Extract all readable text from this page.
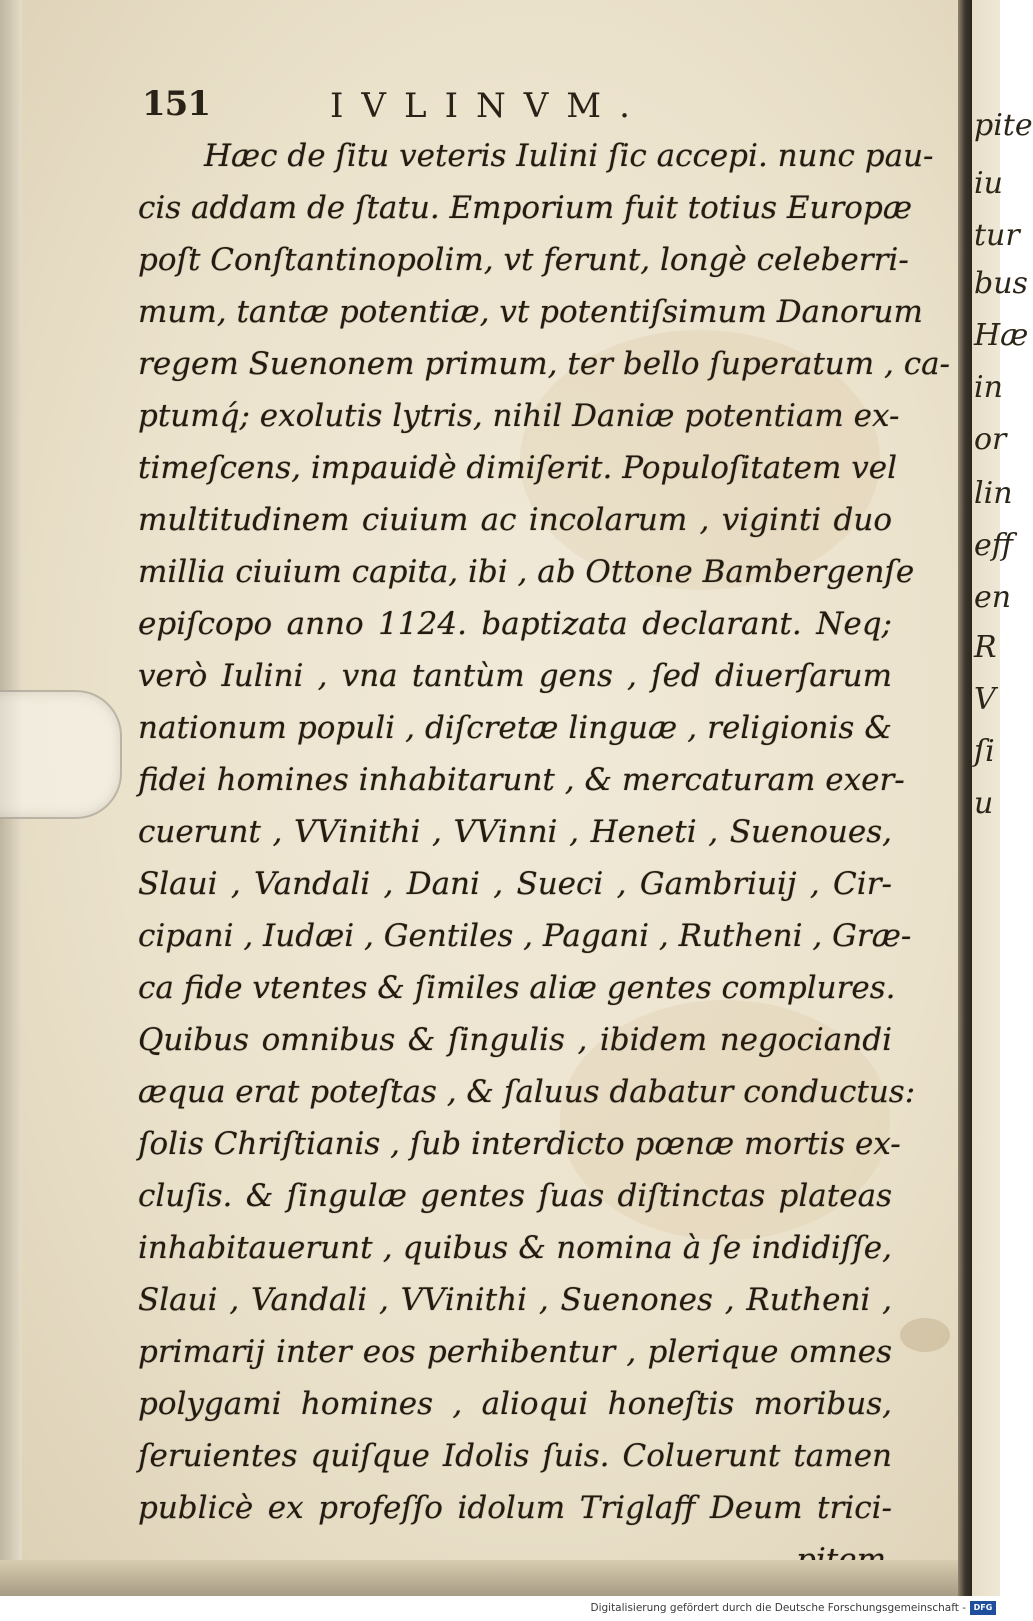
151	IVLINVM.
Hæc de ſitu veteris Iulini ſic accepi. nunc pau-
cis addam de ſtatu. Emporium fuit totius Europæ
poſt Conſtantinopolim, vt ferunt, longè celeberri-
mum, tantæ potentiæ, vt potentiſsimum Danorum
regem Suenonem primum, ter bello ſuperatum , ca-
ptumq́; exolutis lytris, nihil Daniæ potentiam ex-
timeſcens, impauidè dimiſerit. Populoſitatem vel
multitudinem ciuium ac incolarum , viginti duo
millia ciuium capita, ibi , ab Ottone Bambergenſe
epiſcopo anno 1124. baptizata declarant. Neq;
verò Iulini , vna tantùm gens , ſed diuerſarum
nationum populi , diſcretæ linguæ , religionis &
fidei homines inhabitarunt , & mercaturam exer-
cuerunt , VVinithi , VVinni , Heneti , Suenoues,
Slaui , Vandali , Dani , Sueci , Gambriuij , Cir-
cipani , Iudæi , Gentiles , Pagani , Rutheni , Græ-
ca fide vtentes & ſimiles aliæ gentes complures.
Quibus omnibus & ſingulis , ibidem negociandi
æqua erat poteſtas , & ſaluus dabatur conductus:
ſolis Chriſtianis , ſub interdicto pœnæ mortis ex-
cluſis. & ſingulæ gentes ſuas diſtinctas plateas
inhabitauerunt , quibus & nomina à ſe indidiſſe,
Slaui , Vandali , VVinithi , Suenones , Rutheni ,
primarij inter eos perhibentur , plerique omnes
polygami homines , alioqui honeſtis moribus,
ſeruientes quiſque Idolis ſuis. Coluerunt tamen
publicè ex profeſſo idolum Triglaff Deum trici-
pite
iu
tur
bus
Hæ
in
or
lin
eff
en
R
V
ſi
u
Digitalisierung gefördert durch die Deutsche Forschungsgemeinschaft - DFG
